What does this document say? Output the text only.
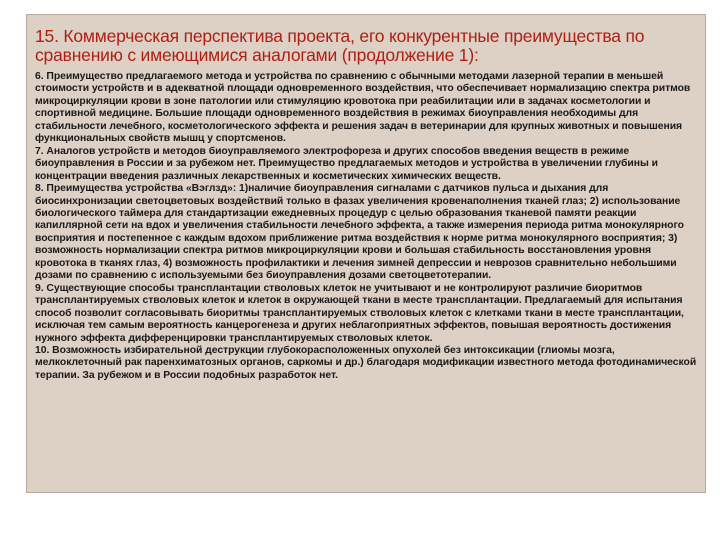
15. Коммерческая перспектива проекта, его конкурентные преимущества по сравнению с имеющимися аналогами (продолжение 1):
6. Преимущество предлагаемого метода и устройства по сравнению с обычными методами лазерной терапии в меньшей стоимости устройств и в адекватной площади одновременного воздействия, что обеспечивает нормализацию спектра ритмов микроциркуляции крови в зоне патологии или стимуляцию кровотока при реабилитации или в задачах косметологии и спортивной медицине. Большие площади одновременного воздействия в режимах биоуправления необходимы для стабильности лечебного, косметологического эффекта и решения задач в ветеринарии для крупных животных и повышения функциональных свойств мышц у спортсменов.
7. Аналогов устройств и методов биоуправляемого электрофореза и других способов введения веществ в режиме биоуправления в России и за рубежом нет. Преимущество предлагаемых методов и устройства в увеличении глубины и концентрации введения различных лекарственных и косметических химических веществ.
8. Преимущества устройства «Вэглзд»: 1)наличие биоуправления сигналами с датчиков пульса и дыхания для биосинхронизации светоцветовых воздействий только в фазах увеличения кровенаполнения тканей глаз; 2) использование биологического таймера для стандартизации ежедневных процедур с целью образования тканевой памяти реакции капиллярной сети на вдох и увеличения стабильности лечебного эффекта, а также измерения периода ритма монокулярного восприятия и постепенное с каждым вдохом приближение ритма воздействия к норме ритма монокулярного восприятия; 3) возможность нормализации спектра ритмов микроциркуляции крови и большая стабильность восстановления уровня кровотока в тканях глаз, 4) возможность профилактики и лечения зимней депрессии и неврозов сравнительно небольшими дозами по сравнению с используемыми без биоуправления дозами светоцветотерапии.
9. Существующие способы трансплантации стволовых клеток не учитывают и не контролируют различие биоритмов трансплантируемых стволовых клеток и клеток в окружающей ткани в месте трансплантации. Предлагаемый для испытания способ позволит согласовывать биоритмы трансплантируемых стволовых клеток с клетками ткани в месте трансплантации, исключая тем самым вероятность канцерогенеза и других неблагоприятных эффектов, повышая вероятность достижения нужного эффекта дифференцировки трансплантируемых стволовых клеток.
10. Возможность избирательной деструкции глубокорасположенных опухолей без интоксикации (глиомы мозга, мелкоклеточный рак паренхиматозных органов, саркомы и др.) благодаря модификации известного метода фотодинамической терапии. За рубежом и в России подобных разработок нет.
